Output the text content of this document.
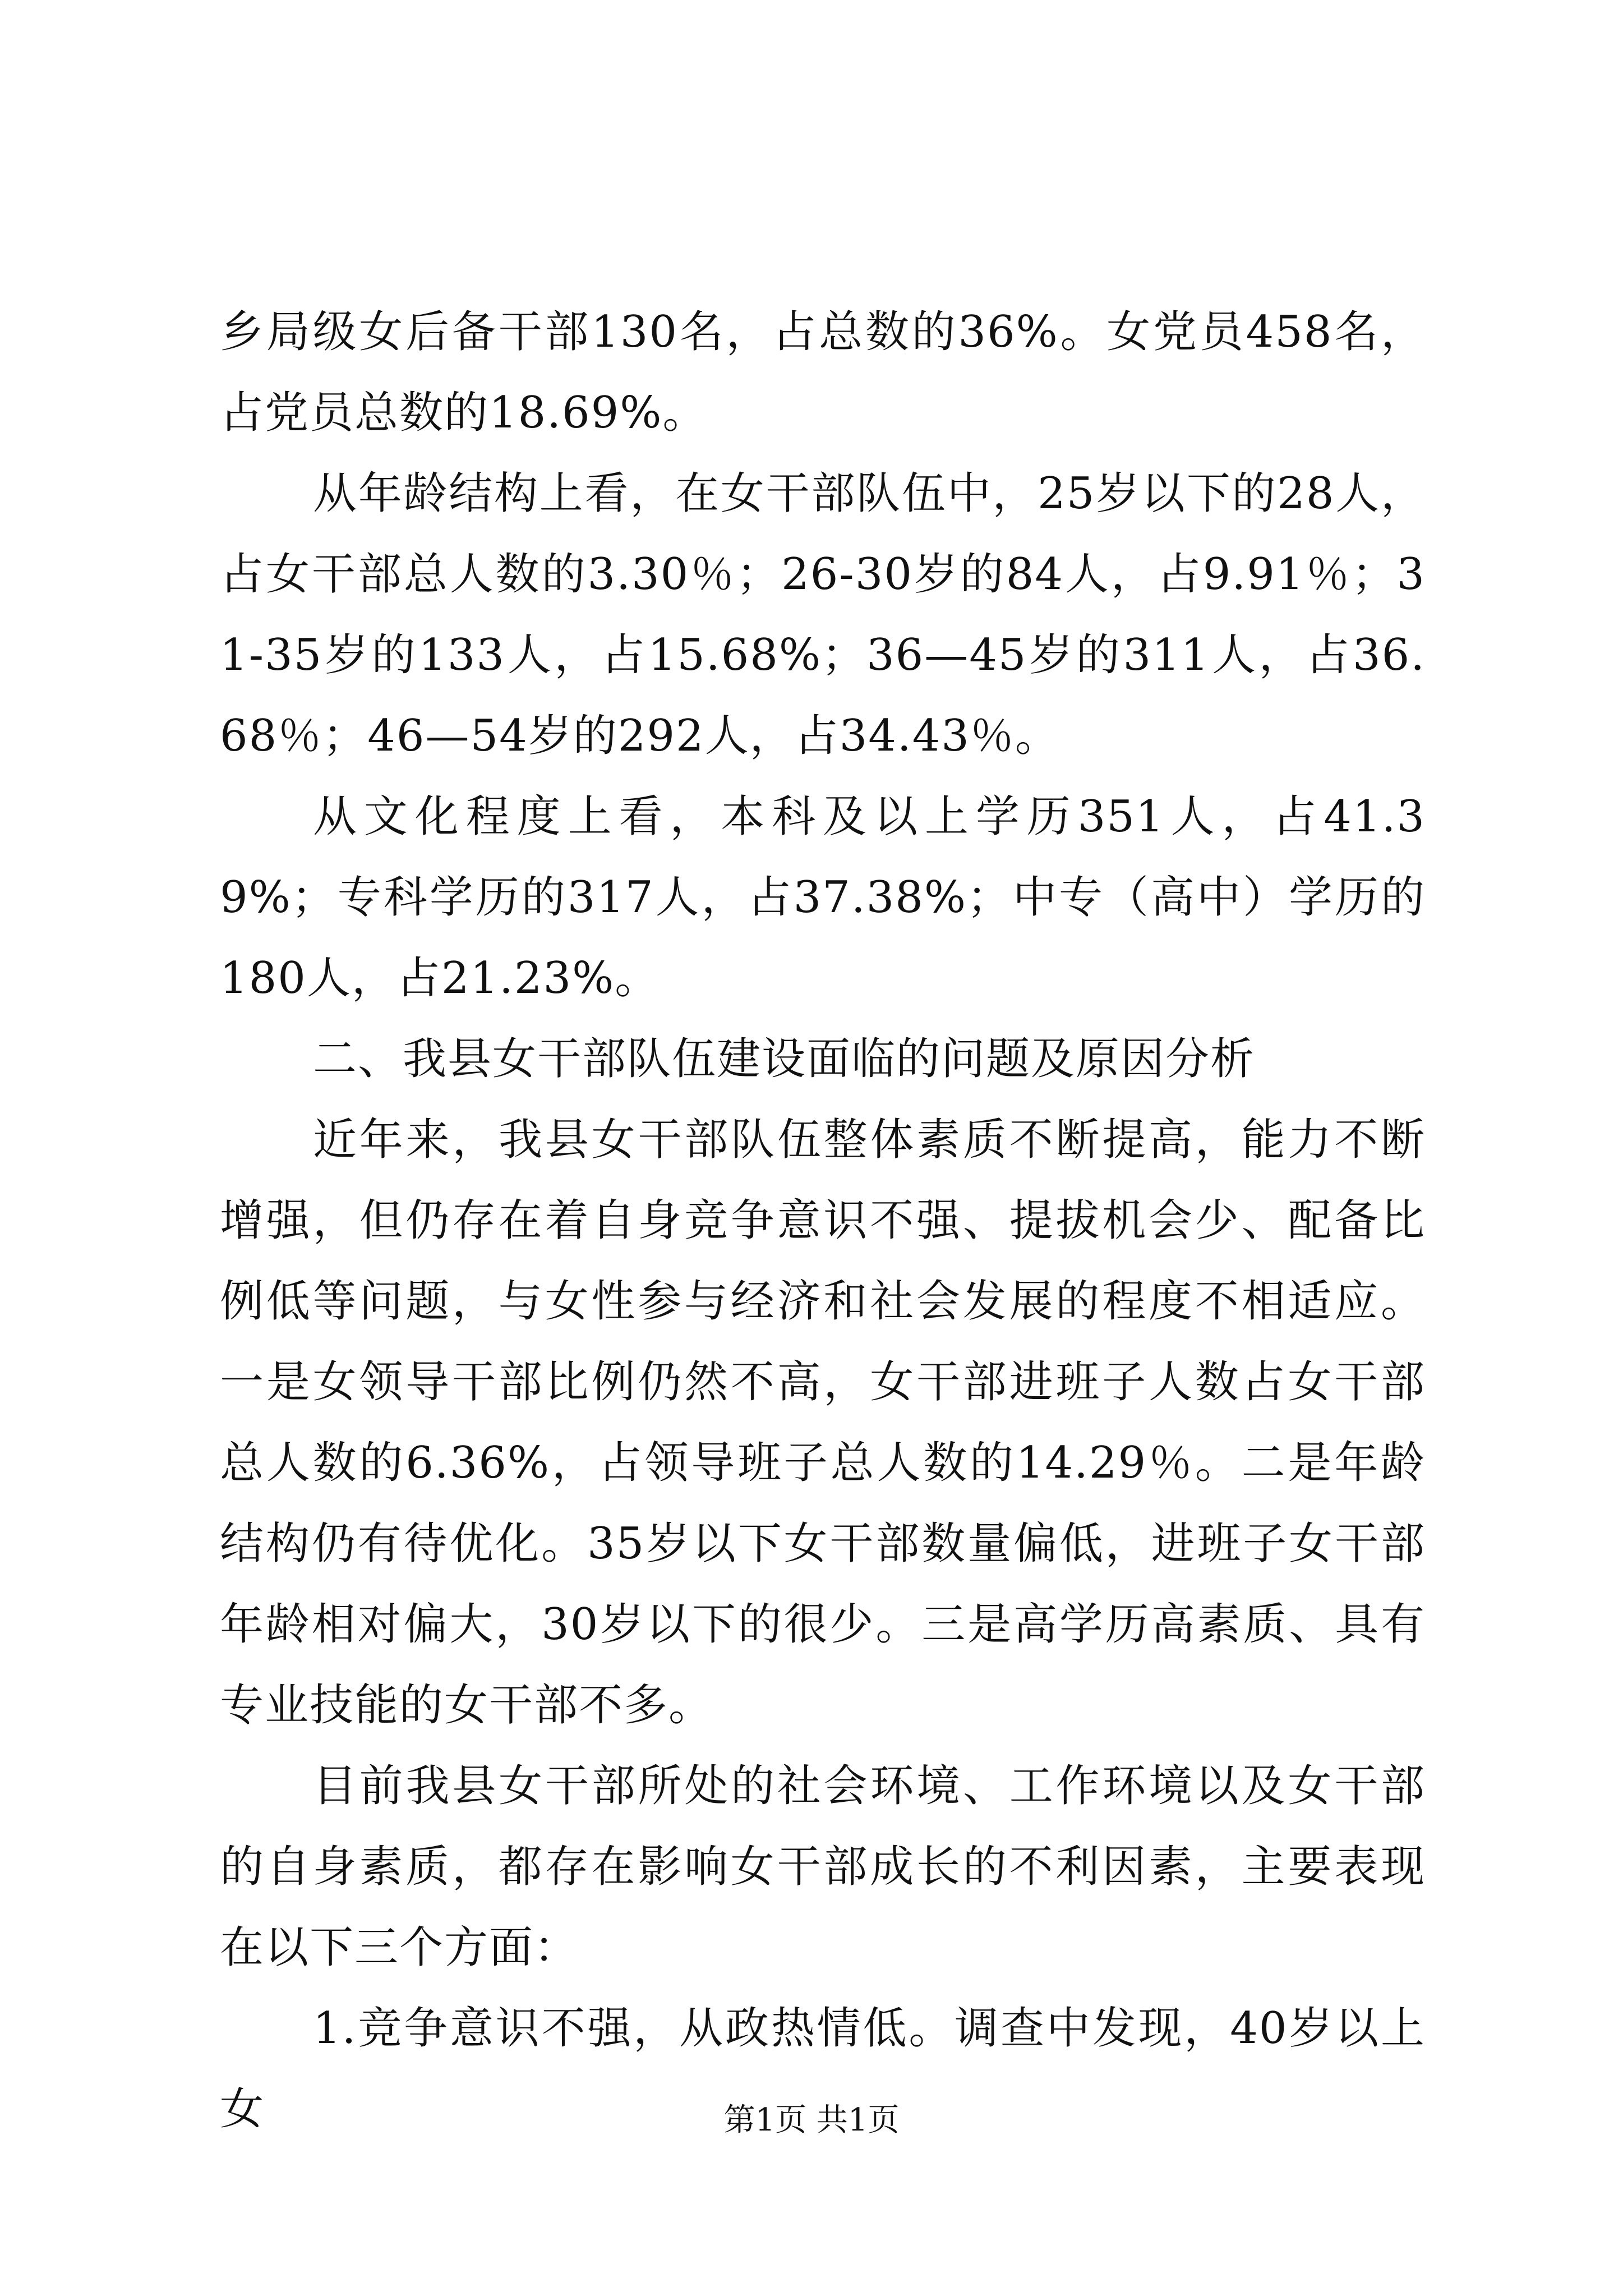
乡局级女后备干部130名，占总数的36%。女党员458名，占党员总数的18.69%。

从年龄结构上看，在女干部队伍中，25岁以下的28人，占女干部总人数的3.30％；26-30岁的84人，占9.91％；31-35岁的133人，占15.68%；36—45岁的311人，占36.68％；46—54岁的292人，占34.43％。

从文化程度上看，本科及以上学历351人，占41.39%；专科学历的317人，占37.38%；中专（高中）学历的180人，占21.23%。

二、我县女干部队伍建设面临的问题及原因分析

近年来，我县女干部队伍整体素质不断提高，能力不断增强，但仍存在着自身竞争意识不强、提拔机会少、配备比例低等问题，与女性参与经济和社会发展的程度不相适应。一是女领导干部比例仍然不高，女干部进班子人数占女干部总人数的6.36%，占领导班子总人数的14.29％。二是年龄结构仍有待优化。35岁以下女干部数量偏低，进班子女干部年龄相对偏大，30岁以下的很少。三是高学历高素质、具有专业技能的女干部不多。

目前我县女干部所处的社会环境、工作环境以及女干部的自身素质，都存在影响女干部成长的不利因素，主要表现在以下三个方面：

1.竞争意识不强，从政热情低。调查中发现，40岁以上女	第1页 共1页
